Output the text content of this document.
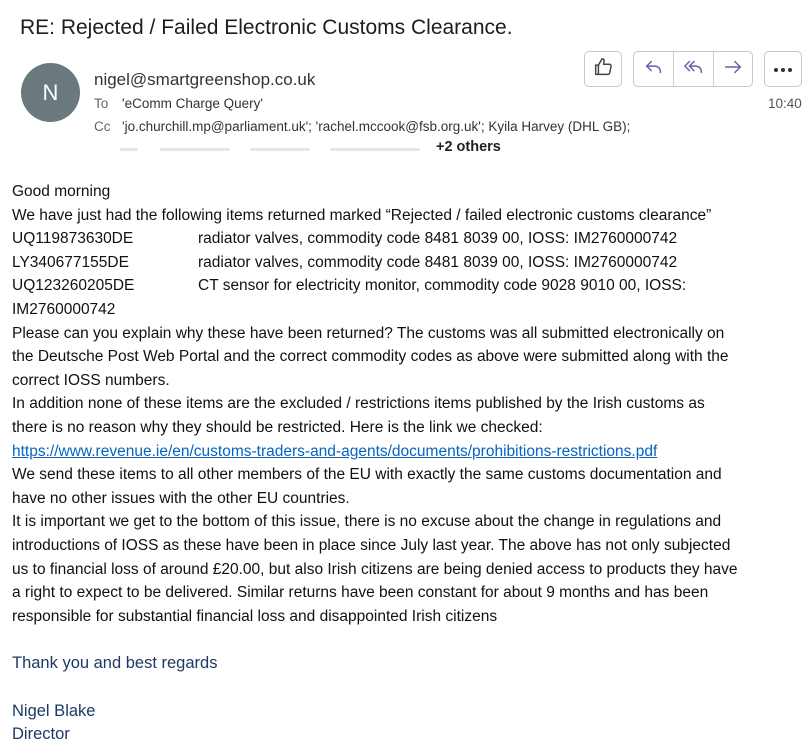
RE: Rejected / Failed Electronic Customs Clearance.
N nigel@smartgreenshop.co.uk
To 'eComm Charge Query'
Cc 'jo.churchill.mp@parliament.uk'; 'rachel.mccook@fsb.org.uk'; Kyila Harvey (DHL GB);
+2 others
10:40

Good morning

We have just had the following items returned marked “Rejected / failed electronic customs clearance”

UQ119873630DE	radiator valves, commodity code 8481 8039 00, IOSS: IM2760000742

LY340677155DE	radiator valves, commodity code 8481 8039 00, IOSS: IM2760000742

UQ123260205DE	CT sensor for electricity monitor, commodity code 9028 9010 00, IOSS:

IM2760000742

Please can you explain why these have been returned? The customs was all submitted electronically on

the Deutsche Post Web Portal and the correct commodity codes as above were submitted along with the

correct IOSS numbers.

In addition none of these items are the excluded / restrictions items published by the Irish customs as

there is no reason why they should be restricted. Here is the link we checked:

https://www.revenue.ie/en/customs-traders-and-agents/documents/prohibitions-restrictions.pdf

We send these items to all other members of the EU with exactly the same customs documentation and

have no other issues with the other EU countries.

It is important we get to the bottom of this issue, there is no excuse about the change in regulations and

introductions of IOSS as these have been in place since July last year. The above has not only subjected

us to financial loss of around £20.00, but also Irish citizens are being denied access to products they have

a right to expect to be delivered. Similar returns have been constant for about 9 months and has been

responsible for substantial financial loss and disappointed Irish citizens

Thank you and best regards

Nigel Blake

Director
